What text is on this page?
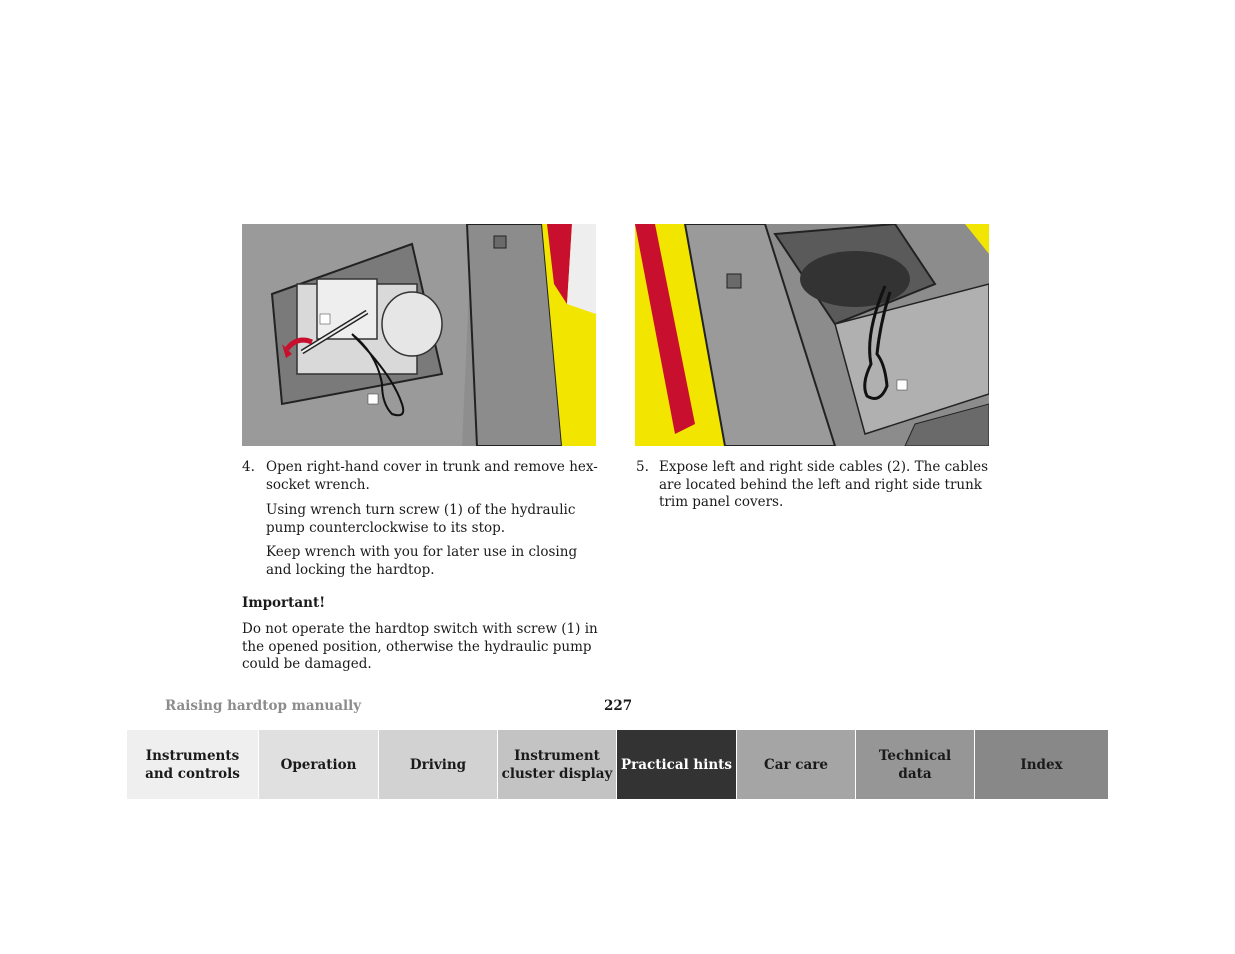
4. Open right-hand cover in trunk and remove hex-socket wrench.

Using wrench turn screw (1) of the hydraulic pump counterclockwise to its stop.

Keep wrench with you for later use in closing and locking the hardtop.

Important!

Do not operate the hardtop switch with screw (1) in the opened position, otherwise the hydraulic pump could be damaged.

5. Expose left and right side cables (2). The cables are located behind the left and right side trunk trim panel covers.

Raising hardtop manually	227
Instruments
and controls
Operation	Driving
Instrument
cluster display
Practical hints Car care
Technical
data
Index
